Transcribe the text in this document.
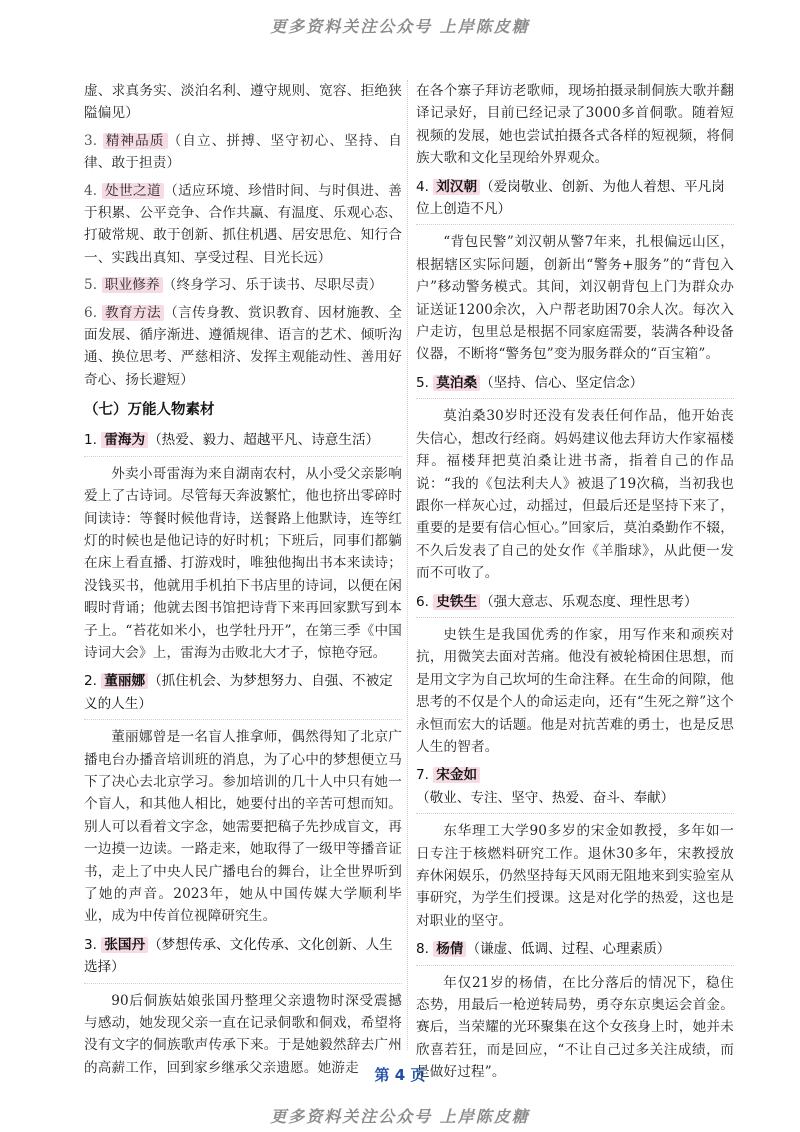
更多资料关注公众号 上岸陈皮糖

虚、求真务实、淡泊名利、遵守规则、宽容、拒绝狭隘偏见）

3. 精神品质 （自立、拼搏、坚守初心、坚持、自律、敢于担责）

4. 处世之道 （适应环境、珍惜时间、与时俱进、善于积累、公平竞争、合作共赢、有温度、乐观心态、打破常规、敢于创新、抓住机遇、居安思危、知行合一、实践出真知、享受过程、目光长远）

5. 职业修养 （终身学习、乐于读书、尽职尽责）

6. 教育方法 （言传身教、赏识教育、因材施教、全面发展、循序渐进、遵循规律、语言的艺术、倾听沟通、换位思考、严慈相济、发挥主观能动性、善用好奇心、扬长避短）

（七）万能人物素材
1. 雷海为 （热爱、毅力、超越平凡、诗意生活）

外卖小哥雷海为来自湖南农村，从小受父亲影响爱上了古诗词。尽管每天奔波繁忙，他也挤出零碎时间读诗：等餐时候他背诗，送餐路上他默诗，连等红灯的时候也是他记诗的好时机；下班后，同事们都躺在床上看直播、打游戏时，唯独他掏出书本来读诗；没钱买书，他就用手机拍下书店里的诗词，以便在闲暇时背诵；他就去图书馆把诗背下来再回家默写到本子上。“苔花如米小，也学牡丹开”，在第三季《中国诗词大会》上，雷海为击败北大才子，惊艳夺冠。

2. 董丽娜 （抓住机会、为梦想努力、自强、不被定义的人生）

董丽娜曾是一名盲人推拿师，偶然得知了北京广播电台办播音培训班的消息，为了心中的梦想便立马下了决心去北京学习。参加培训的几十人中只有她一个盲人，和其他人相比，她要付出的辛苦可想而知。别人可以看着文字念，她需要把稿子先抄成盲文，再一边摸一边读。一路走来，她取得了一级甲等播音证书，走上了中央人民广播电台的舞台，让全世界听到了她的声音。2023年，她从中国传媒大学顺利毕业，成为中传首位视障研究生。

3. 张国丹 （梦想传承、文化传承、文化创新、人生选择）

90后侗族姑娘张国丹整理父亲遗物时深受震撼与感动，她发现父亲一直在记录侗歌和侗戏，希望将没有文字的侗族歌声传承下来。于是她毅然辞去广州的高薪工作，回到家乡继承父亲遗愿。她游走

在各个寨子拜访老歌师，现场拍摄录制侗族大歌并翻译记录好，目前已经记录了3000多首侗歌。随着短视频的发展，她也尝试拍摄各式各样的短视频，将侗族大歌和文化呈现给外界观众。

4. 刘汉朝 （爱岗敬业、创新、为他人着想、平凡岗位上创造不凡）

“背包民警”刘汉朝从警7年来，扎根偏远山区，根据辖区实际问题，创新出“警务+服务”的“背包入户”移动警务模式。其间，刘汉朝背包上门为群众办证送证1200余次，入户帮老助困70余人次。每次入户走访，包里总是根据不同家庭需要，装满各种设备仪器，不断将“警务包”变为服务群众的“百宝箱”。

5. 莫泊桑 （坚持、信心、坚定信念）

莫泊桑30岁时还没有发表任何作品，他开始丧失信心，想改行经商。妈妈建议他去拜访大作家福楼拜。福楼拜把莫泊桑让进书斋，指着自己的作品说：“我的《包法利夫人》被退了19次稿，当初我也跟你一样灰心过，动摇过，但最后还是坚持下来了，重要的是要有信心恒心。”回家后，莫泊桑勤作不辍，不久后发表了自己的处女作《羊脂球》，从此便一发而不可收了。

6. 史铁生 （强大意志、乐观态度、理性思考）

史铁生是我国优秀的作家，用写作来和顽疾对抗，用微笑去面对苦痛。他没有被轮椅困住思想，而是用文字为自己坎坷的生命注释。在生命的间隙，他思考的不仅是个人的命运走向，还有“生死之辩”这个永恒而宏大的话题。他是对抗苦难的勇士，也是反思人生的智者。

7. 宋金如（敬业、专注、坚守、热爱、奋斗、奉献）

东华理工大学90多岁的宋金如教授，多年如一日专注于核燃料研究工作。退休30多年，宋教授放弃休闲娱乐，仍然坚持每天风雨无阻地来到实验室从事研究，为学生们授课。这是对化学的热爱，这也是对职业的坚守。

8. 杨倩 （谦虚、低调、过程、心理素质）

年仅21岁的杨倩，在比分落后的情况下，稳住态势，用最后一枪逆转局势，勇夺东京奥运会首金。赛后，当荣耀的光环聚集在这个女孩身上时，她并未欣喜若狂，而是回应，“不让自己过多关注成绩，而是做好过程”。

第 4 页
更多资料关注公众号 上岸陈皮糖
